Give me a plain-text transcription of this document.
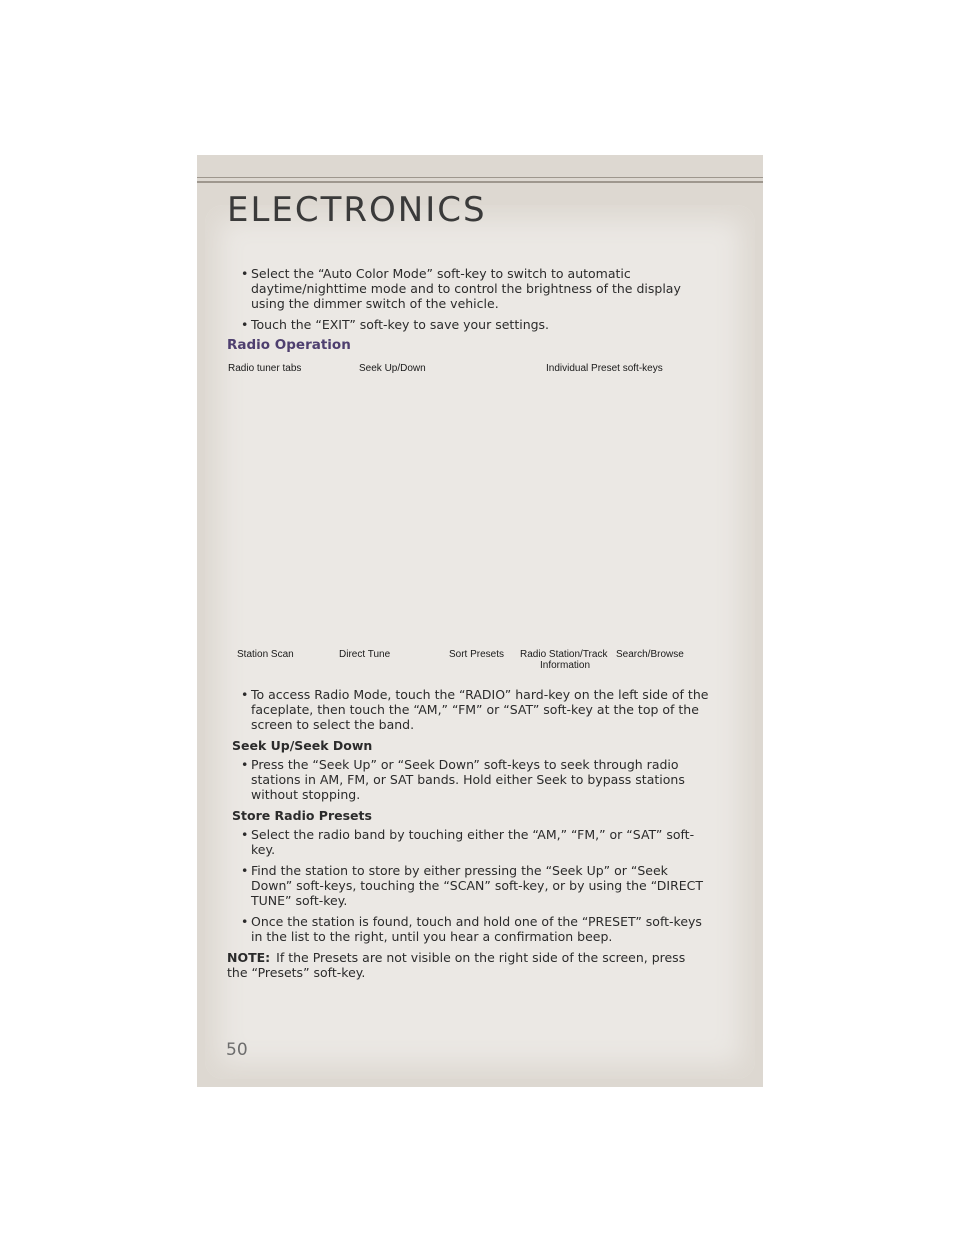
ELECTRONICS

• Select the “Auto Color Mode” soft-key to switch to automatic daytime/nighttime mode and to control the brightness of the display using the dimmer switch of the vehicle.

• Touch the “EXIT” soft-key to save your settings.

Radio Operation
Radio tuner tabs	Seek Up/Down	Individual Preset soft-keys
Station Scan	Direct Tune	Sort Presets Radio Station/Track
Information
Search/Browse

• To access Radio Mode, touch the “RADIO” hard-key on the left side of the faceplate, then touch the “AM,” “FM” or “SAT” soft-key at the top of the screen to select the band.

Seek Up/Seek Down

• Press the “Seek Up” or “Seek Down” soft-keys to seek through radio stations in AM, FM, or SAT bands. Hold either Seek to bypass stations without stopping.

Store Radio Presets

• Select the radio band by touching either the “AM,” “FM,” or “SAT” soft-key.

• Find the station to store by either pressing the “Seek Up” or “Seek Down” soft-keys, touching the “SCAN” soft-key, or by using the “DIRECT TUNE” soft-key.

• Once the station is found, touch and hold one of the “PRESET” soft-keys in the list to the right, until you hear a confirmation beep.

NOTE: If the Presets are not visible on the right side of the screen, press the “Presets” soft-key.

50
